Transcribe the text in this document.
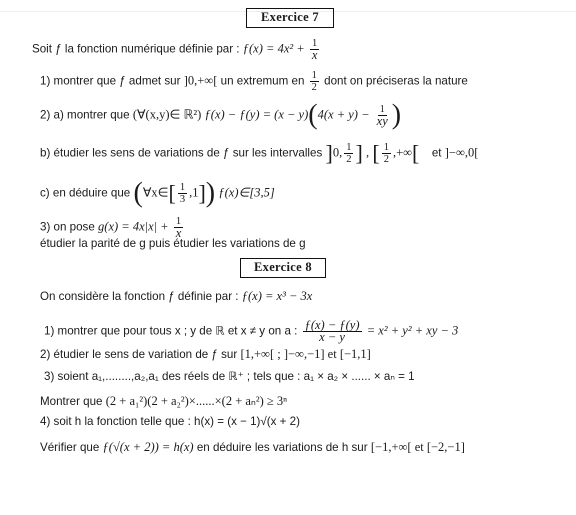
Exercice 7
Soit ƒ la fonction numérique définie par : ƒ(x) = $4x^2 + \frac{1}{x}$
1) montrer que ƒ admet sur ]0,+∞[ un extremum en $\frac{1}{2}$ dont on préciseras la nature
2) a) montrer que (∀(x,y)∈ ℝ²) ƒ(x) − ƒ(y) = $(x - y)(4(x + y) - \frac{1}{xy}$ )
b) étudier les sens de variations de ƒ sur les intervalles ]0, $\frac{1}{2}$ ] , [ $\frac{1}{2}$ ,+∞[ et ]−∞,0[
c) en déduire que (∀x∈[ $\frac{1}{3} ,1$]) ƒ(x)∈[3,5]
3) on pose $g(x) = 4x|x| + \frac{1}{x}$
étudier la parité de g puis étudier les variations de g
Exercice 8
On considère la fonction ƒ définie par : ƒ(x) = x³ − 3x
1) montrer que pour tous x ; y de ℝ et x ≠ y on a : $\frac{ƒ(x) - ƒ(y)}{x - y} = x^2 + y^2$ + xy − 3
2) étudier le sens de variation de ƒ sur [1,+∞[ ; ]−∞,−1] et [−1,1]
3) soient a₁,........,a₂,a₁ des réels de ℝ⁺ ; tels que : a₁ × a₂ × ...... × aₙ = 1
Montrer que (2 + a₁²)(2 + a₂²)×......×(2 + aₙ²) ≥ 3ⁿ
4) soit h la fonction telle que : h(x) = (x − 1)√(x + 2)
Vérifier que ƒ(√(x + 2)) = h(x) en déduire les variations de h sur [−1,+∞[ et [−2,−1]
